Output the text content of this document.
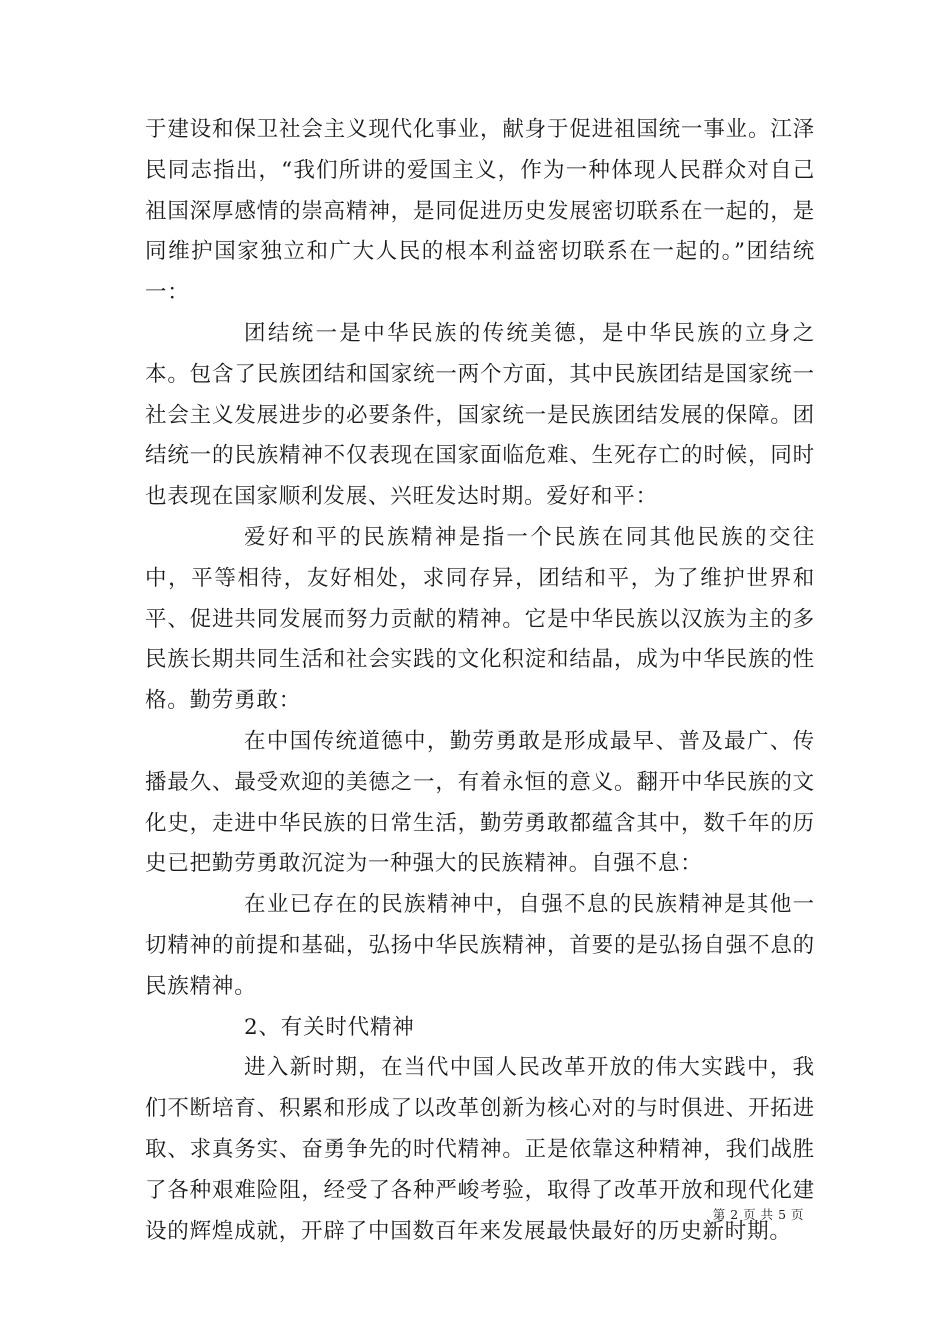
于建设和保卫社会主义现代化事业，献身于促进祖国统一事业。江泽民同志指出，“我们所讲的爱国主义，作为一种体现人民群众对自己祖国深厚感情的崇高精神，是同促进历史发展密切联系在一起的，是同维护国家独立和广大人民的根本利益密切联系在一起的。”团结统一：

团结统一是中华民族的传统美德，是中华民族的立身之本。包含了民族团结和国家统一两个方面，其中民族团结是国家统一社会主义发展进步的必要条件，国家统一是民族团结发展的保障。团结统一的民族精神不仅表现在国家面临危难、生死存亡的时候，同时也表现在国家顺利发展、兴旺发达时期。爱好和平：

爱好和平的民族精神是指一个民族在同其他民族的交往中，平等相待，友好相处，求同存异，团结和平，为了维护世界和平、促进共同发展而努力贡献的精神。它是中华民族以汉族为主的多民族长期共同生活和社会实践的文化积淀和结晶，成为中华民族的性格。勤劳勇敢：

在中国传统道德中，勤劳勇敢是形成最早、普及最广、传播最久、最受欢迎的美德之一，有着永恒的意义。翻开中华民族的文化史，走进中华民族的日常生活，勤劳勇敢都蕴含其中，数千年的历史已把勤劳勇敢沉淀为一种强大的民族精神。自强不息：

在业已存在的民族精神中，自强不息的民族精神是其他一切精神的前提和基础，弘扬中华民族精神，首要的是弘扬自强不息的民族精神。

2、有关时代精神

进入新时期，在当代中国人民改革开放的伟大实践中，我们不断培育、积累和形成了以改革创新为核心对的与时俱进、开拓进取、求真务实、奋勇争先的时代精神。正是依靠这种精神，我们战胜了各种艰难险阻，经受了各种严峻考验，取得了改革开放和现代化建设的辉煌成就，开辟了中国数百年来发展最快最好的历史新时期。

第 2 页 共 5 页
